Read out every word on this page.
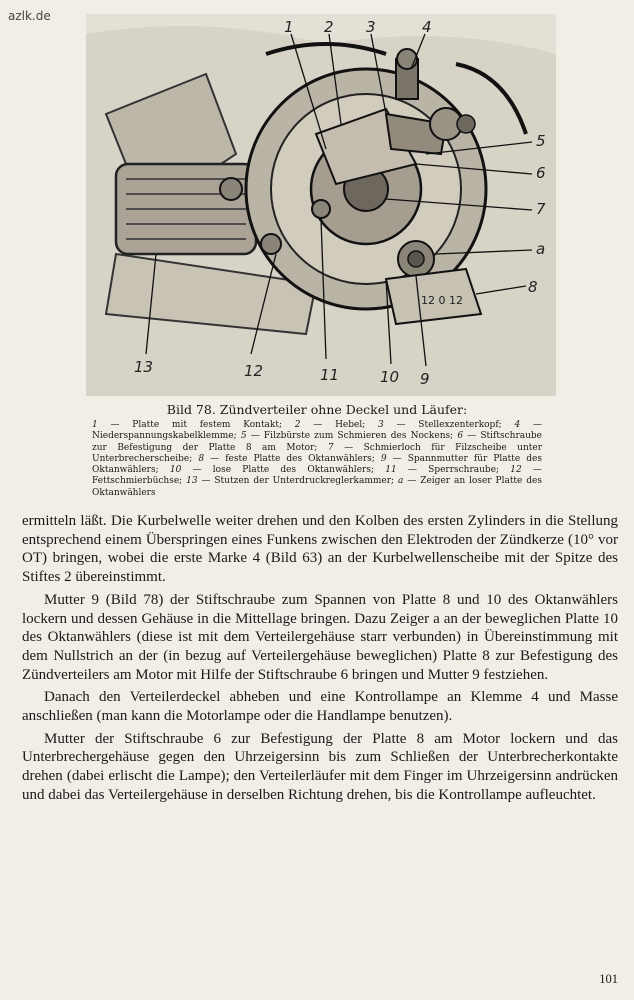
azlk.de
12 0 12
1 2 3	4
5
6
7
a
8
9
10
11
12
13

Bild 78. Zündverteiler ohne Deckel und Läufer:

1 — Platte mit festem Kontakt; 2 — Hebel; 3 — Stellexzenterkopf; 4 — Niederspannungskabelklemme; 5 — Filzbürste zum Schmieren des Nockens; 6 — Stiftschraube zur Befestigung der Platte 8 am Motor; 7 — Schmierloch für Filzscheibe unter Unterbrecherscheibe; 8 — feste Platte des Oktanwählers; 9 — Spannmutter für Platte des Oktanwählers; 10 — lose Platte des Oktanwählers; 11 — Sperrschraube; 12 — Fettschmierbüchse; 13 — Stutzen der Unterdruckreglerkammer; a — Zeiger an loser Platte des Oktanwählers

ermitteln läßt. Die Kurbelwelle weiter drehen und den Kolben des ersten Zylinders in die Stellung entsprechend einem Überspringen eines Funkens zwischen den Elektroden der Zündkerze (10° vor OT) bringen, wobei die erste Marke 4 (Bild 63) an der Kurbelwellenscheibe mit der Spitze des Stiftes 2 übereinstimmt.

Mutter 9 (Bild 78) der Stiftschraube zum Spannen von Platte 8 und 10 des Oktanwählers lockern und dessen Gehäuse in die Mittellage bringen. Dazu Zeiger a an der beweglichen Platte 10 des Oktanwählers (diese ist mit dem Verteilergehäuse starr verbunden) in Übereinstimmung mit dem Nullstrich an der (in bezug auf Verteilergehäuse beweglichen) Platte 8 zur Befestigung des Zündverteilers am Motor mit Hilfe der Stiftschraube 6 bringen und Mutter 9 festziehen.

Danach den Verteilerdeckel abheben und eine Kontrollampe an Klemme 4 und Masse anschließen (man kann die Motorlampe oder die Handlampe benutzen).

Mutter der Stiftschraube 6 zur Befestigung der Platte 8 am Motor lockern und das Unterbrechergehäuse gegen den Uhrzeigersinn bis zum Schließen der Unterbrecherkontakte drehen (dabei erlischt die Lampe); den Verteilerläufer mit dem Finger im Uhrzeigersinn andrücken und dabei das Verteilergehäuse in derselben Richtung drehen, bis die Kontrollampe aufleuchtet.

101
